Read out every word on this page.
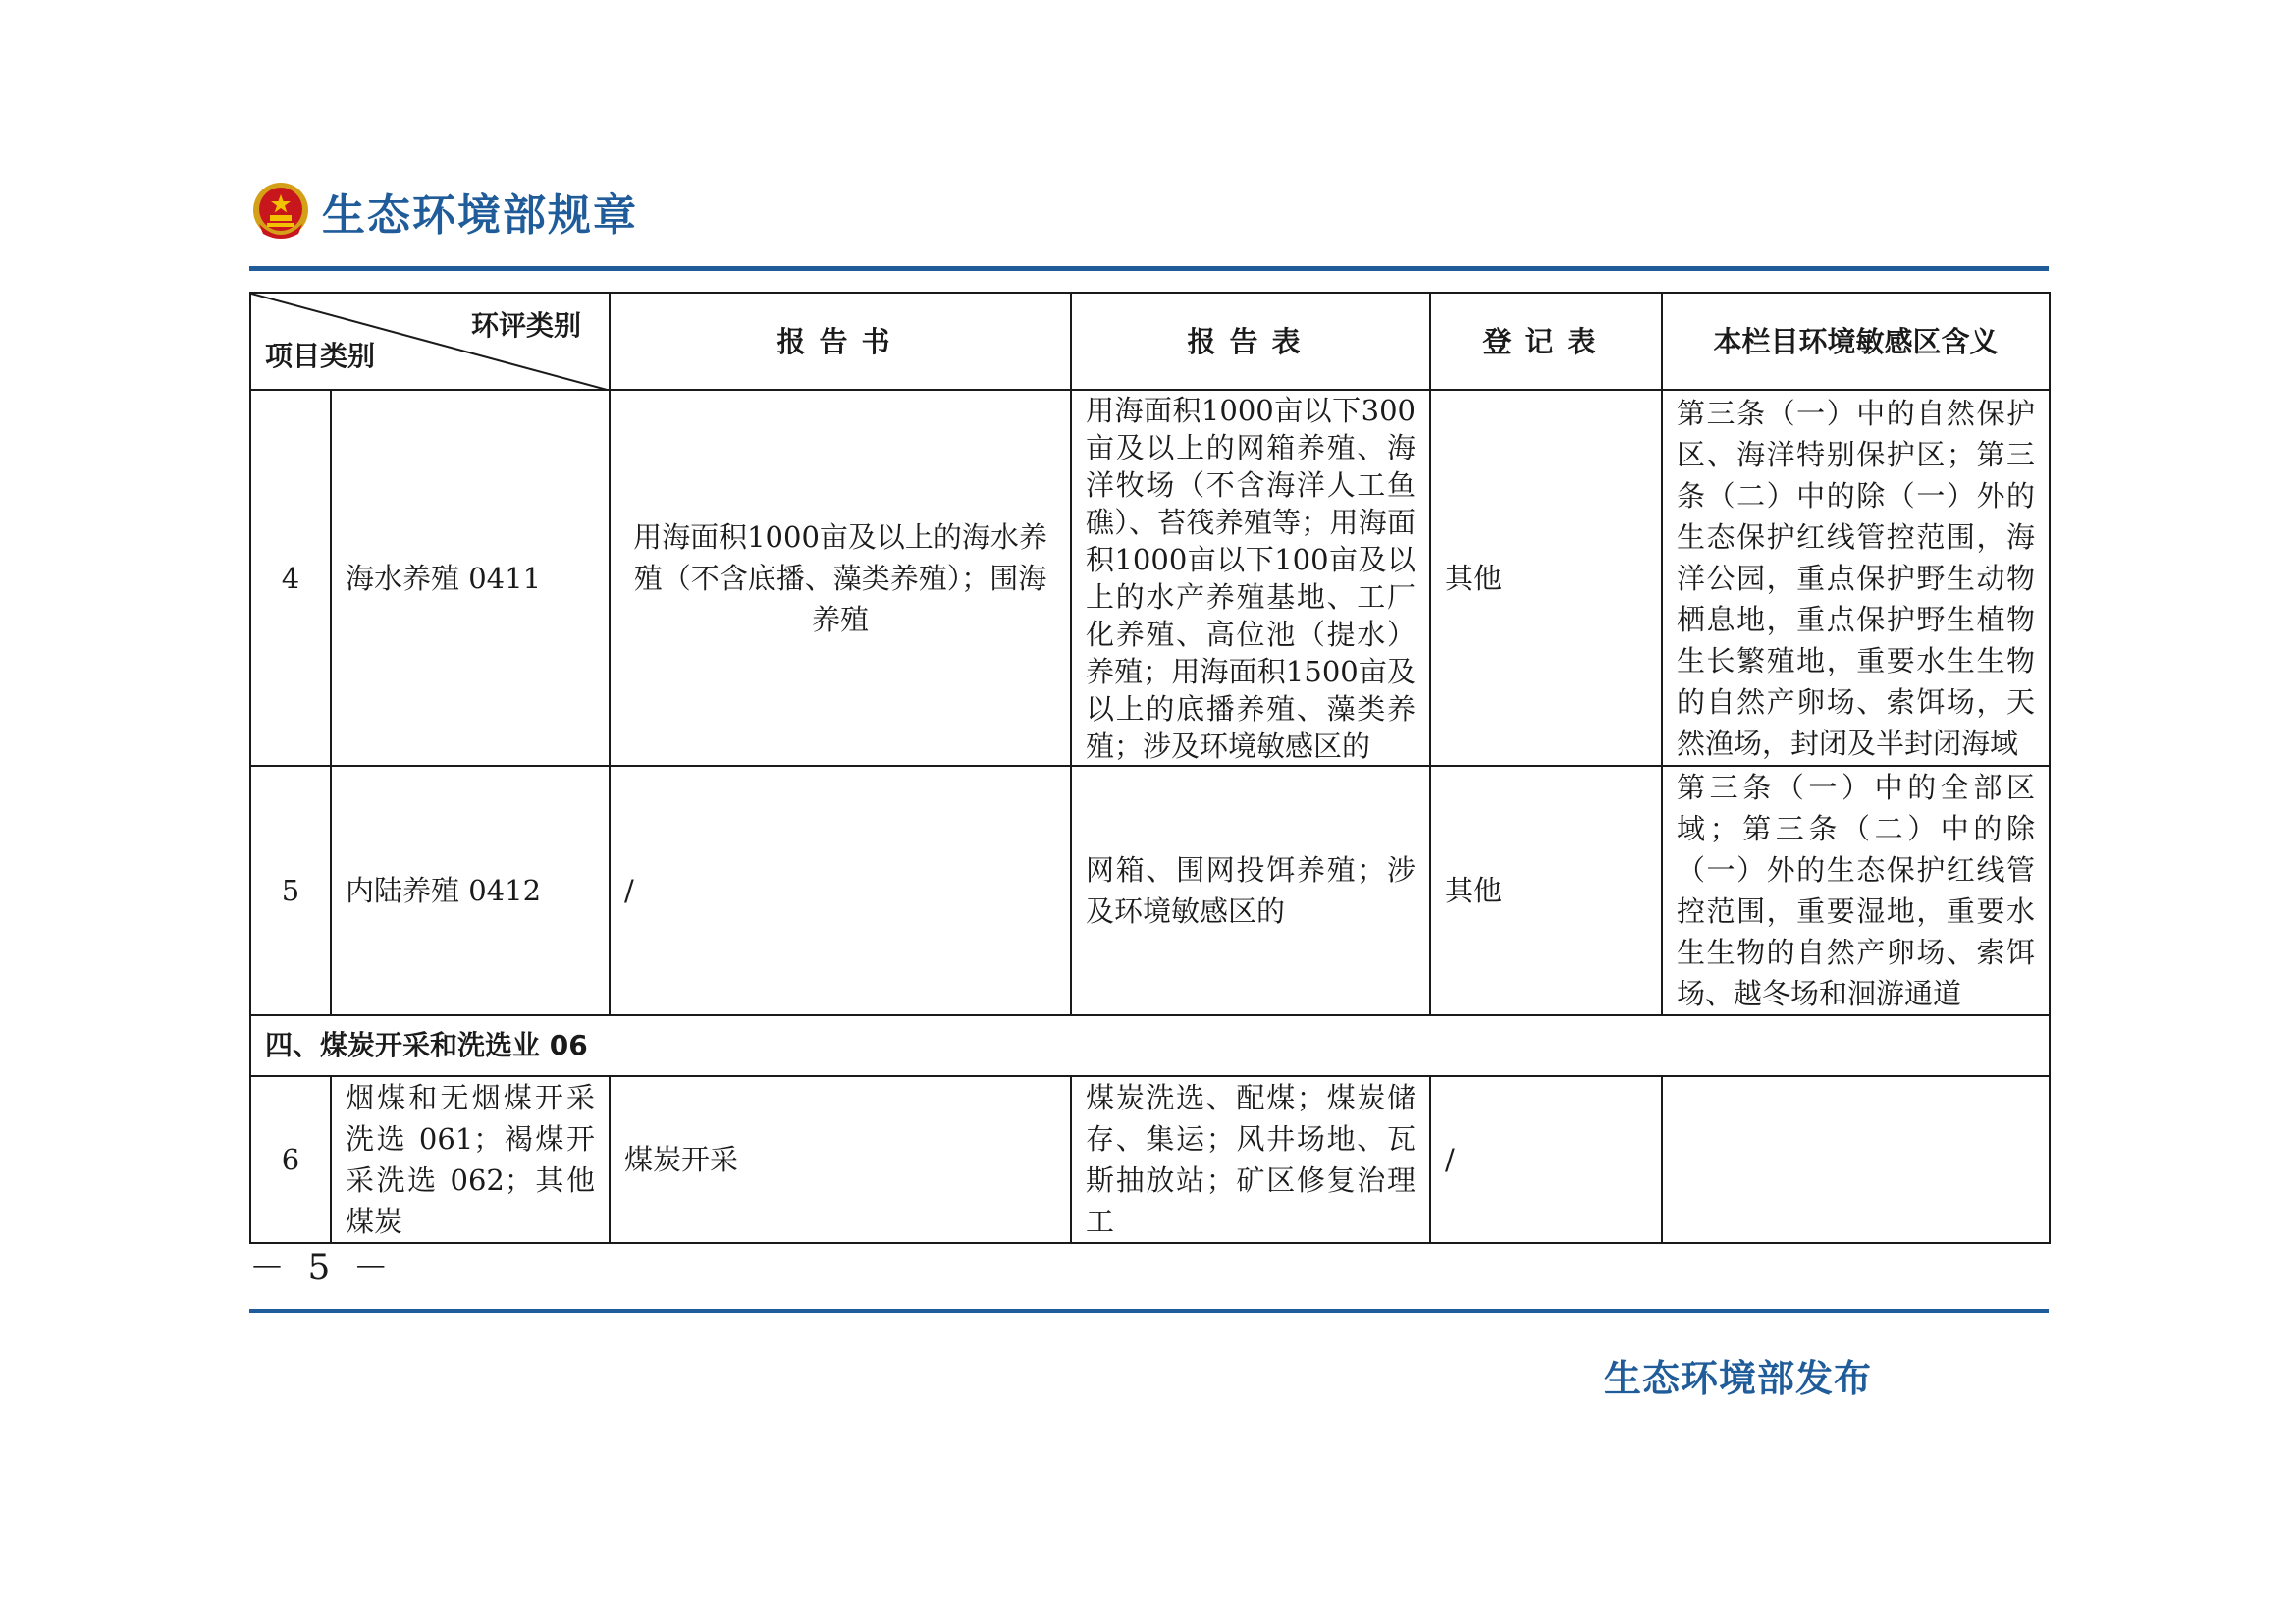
生态环境部规章
环评类别
项目类别		报告书	报告表	登记表	本栏目环境敏感区含义
4	海水养殖 0411	用海面积1000亩及以上的海水养殖（不含底播、藻类养殖）；围海养殖	用海面积1000亩以下300亩及以上的网箱养殖、海洋牧场（不含海洋人工鱼礁）、苔筏养殖等；用海面积1000亩以下100亩及以上的水产养殖基地、工厂化养殖、高位池（提水）养殖；用海面积1500亩及以上的底播养殖、藻类养殖；涉及环境敏感区的	其他	第三条（一）中的自然保护区、海洋特别保护区；第三条（二）中的除（一）外的生态保护红线管控范围，海洋公园，重点保护野生动物栖息地，重点保护野生植物生长繁殖地，重要水生生物的自然产卵场、索饵场，天然渔场，封闭及半封闭海域
5	内陆养殖 0412	/	网箱、围网投饵养殖；涉及环境敏感区的	其他	第三条（一）中的全部区域；第三条（二）中的除（一）外的生态保护红线管控范围，重要湿地，重要水生生物的自然产卵场、索饵场、越冬场和洄游通道
四、煤炭开采和洗选业 06					
6	烟煤和无烟煤开采洗选 061；褐煤开采洗选 062；其他煤炭	煤炭开采	煤炭洗选、配煤；煤炭储存、集运；风井场地、瓦斯抽放站；矿区修复治理工	/	
－ 5 －
生态环境部发布
